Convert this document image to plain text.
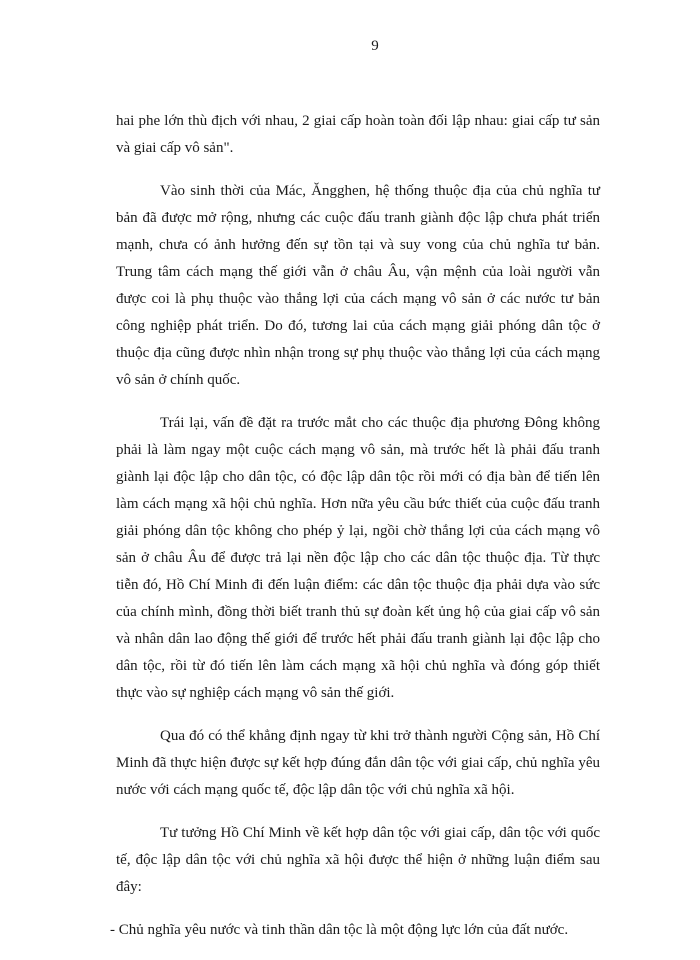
9

hai phe lớn thù địch với nhau, 2 giai cấp hoàn toàn đối lập nhau: giai cấp tư sản và giai cấp vô sản".

Vào sinh thời của Mác, Ăngghen, hệ thống thuộc địa của chủ nghĩa tư bản đã được mở rộng, nhưng các cuộc đấu tranh giành độc lập chưa phát triển mạnh, chưa có ảnh hưởng đến sự tồn tại và suy vong của chủ nghĩa tư bản. Trung tâm cách mạng thế giới vẫn ở châu Âu, vận mệnh của loài người vẫn được coi là phụ thuộc vào thắng lợi của cách mạng vô sản ở các nước tư bản công nghiệp phát triển. Do đó, tương lai của cách mạng giải phóng dân tộc ở thuộc địa cũng được nhìn nhận trong sự phụ thuộc vào thắng lợi của cách mạng vô sản ở chính quốc.

Trái lại, vấn đề đặt ra trước mắt cho các thuộc địa phương Đông không phải là làm ngay một cuộc cách mạng vô sản, mà trước hết là phải đấu tranh giành lại độc lập cho dân tộc, có độc lập dân tộc rồi mới có địa bàn để tiến lên làm cách mạng xã hội chủ nghĩa. Hơn nữa yêu cầu bức thiết của cuộc đấu tranh giải phóng dân tộc không cho phép ỷ lại, ngồi chờ thắng lợi của cách mạng vô sản ở châu Âu để được trả lại nền độc lập cho các dân tộc thuộc địa. Từ thực tiễn đó, Hồ Chí Minh đi đến luận điểm: các dân tộc thuộc địa phải dựa vào sức của chính mình, đồng thời biết tranh thủ sự đoàn kết ủng hộ của giai cấp vô sản và nhân dân lao động thế giới để trước hết phải đấu tranh giành lại độc lập cho dân tộc, rồi từ đó tiến lên làm cách mạng xã hội chủ nghĩa và đóng góp thiết thực vào sự nghiệp cách mạng vô sản thế giới.

Qua đó có thể khẳng định ngay từ khi trở thành người Cộng sản, Hồ Chí Minh đã thực hiện được sự kết hợp đúng đắn dân tộc với giai cấp, chủ nghĩa yêu nước với cách mạng quốc tế, độc lập dân tộc với chủ nghĩa xã hội.

Tư tưởng Hồ Chí Minh về kết hợp dân tộc với giai cấp, dân tộc với quốc tế, độc lập dân tộc với chủ nghĩa xã hội được thể hiện ở những luận điểm sau đây:

- Chủ nghĩa yêu nước và tinh thần dân tộc là một động lực lớn của đất nước.
